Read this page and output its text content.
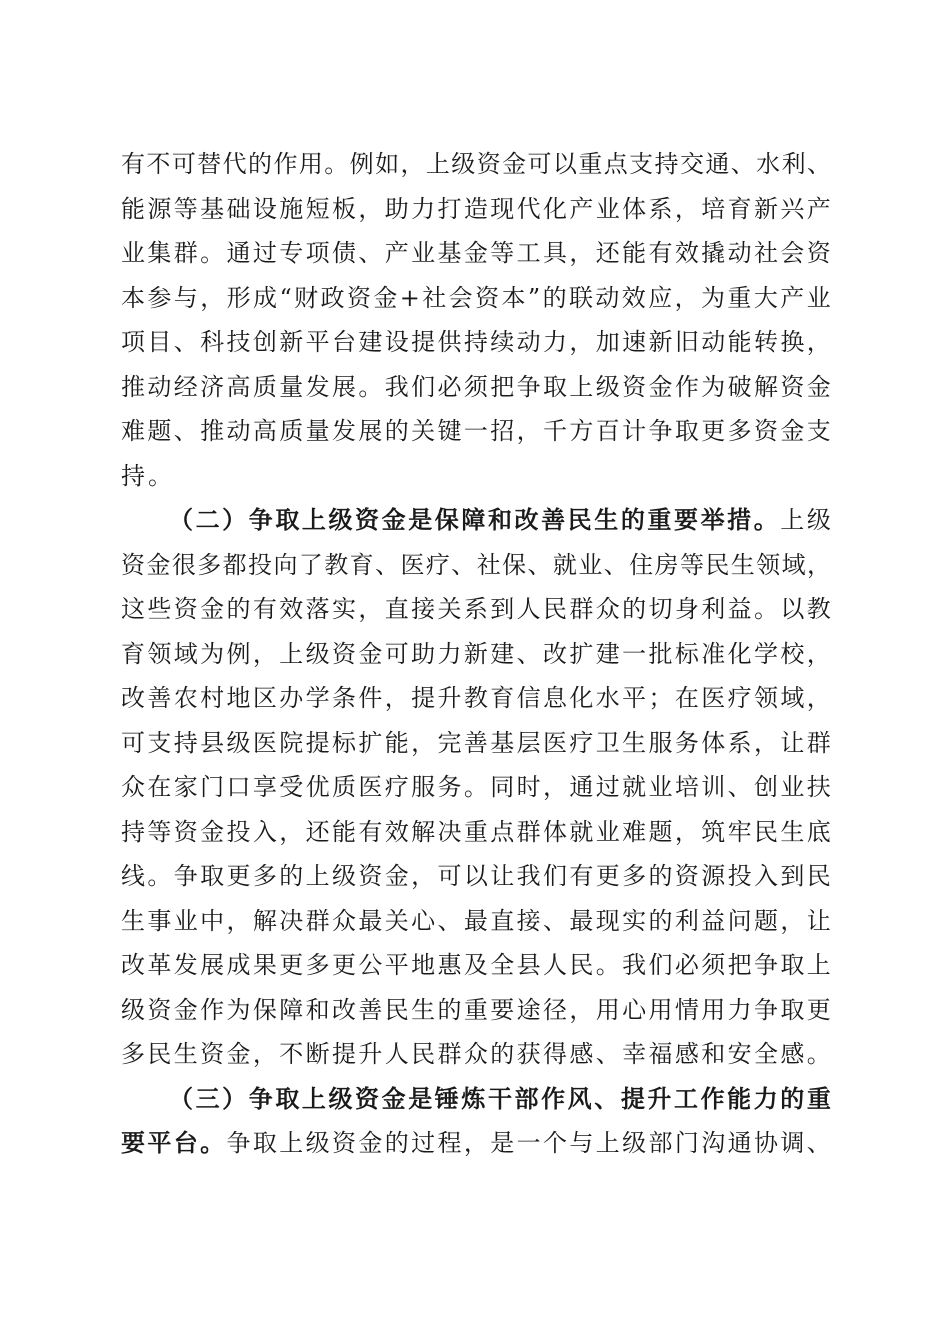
有 不 可 替 代 的 作 用 。 例 如 ， 上 级 资 金 可 以 重 点 支 持 交 通 、 水 利 、
能 源 等 基 础 设 施 短 板 ， 助 力 打 造 现 代 化 产 业 体 系 ， 培 育 新 兴 产
业 集 群 。 通 过 专 项 债 、 产 业 基 金 等 工 具 ， 还 能 有 效 撬 动 社 会 资
本 参 与 ， 形 成 “ 财 政 资 金 + 社 会 资 本 ” 的 联 动 效 应 ， 为 重 大 产 业
项 目 、 科 技 创 新 平 台 建 设 提 供 持 续 动 力 ， 加 速 新 旧 动 能 转 换 ，
推 动 经 济 高 质 量 发 展 。 我 们 必 须 把 争 取 上 级 资 金 作 为 破 解 资 金
难 题 、 推 动 高 质 量 发 展 的 关 键 一 招 ， 千 方 百 计 争 取 更 多 资 金 支
持 。
（ 二 ） 争 取 上 级 资 金 是 保 障 和 改 善 民 生 的 重 要 举 措 。 上 级
资 金 很 多 都 投 向 了 教 育 、 医 疗 、 社 保 、 就 业 、 住 房 等 民 生 领 域 ，
这 些 资 金 的 有 效 落 实 ， 直 接 关 系 到 人 民 群 众 的 切 身 利 益 。 以 教
育 领 域 为 例 ， 上 级 资 金 可 助 力 新 建 、 改 扩 建 一 批 标 准 化 学 校 ，
改 善 农 村 地 区 办 学 条 件 ， 提 升 教 育 信 息 化 水 平 ； 在 医 疗 领 域 ，
可 支 持 县 级 医 院 提 标 扩 能 ， 完 善 基 层 医 疗 卫 生 服 务 体 系 ， 让 群
众 在 家 门 口 享 受 优 质 医 疗 服 务 。 同 时 ， 通 过 就 业 培 训 、 创 业 扶
持 等 资 金 投 入 ， 还 能 有 效 解 决 重 点 群 体 就 业 难 题 ， 筑 牢 民 生 底
线 。 争 取 更 多 的 上 级 资 金 ， 可 以 让 我 们 有 更 多 的 资 源 投 入 到 民
生 事 业 中 ， 解 决 群 众 最 关 心 、 最 直 接 、 最 现 实 的 利 益 问 题 ， 让
改 革 发 展 成 果 更 多 更 公 平 地 惠 及 全 县 人 民 。 我 们 必 须 把 争 取 上
级 资 金 作 为 保 障 和 改 善 民 生 的 重 要 途 径 ， 用 心 用 情 用 力 争 取 更
多 民 生 资 金 ， 不 断 提 升 人 民 群 众 的 获 得 感 、 幸 福 感 和 安 全 感 。
（ 三 ） 争 取 上 级 资 金 是 锤 炼 干 部 作 风 、 提 升 工 作 能 力 的 重
要 平 台 。 争 取 上 级 资 金 的 过 程 ， 是 一 个 与 上 级 部 门 沟 通 协 调 、
